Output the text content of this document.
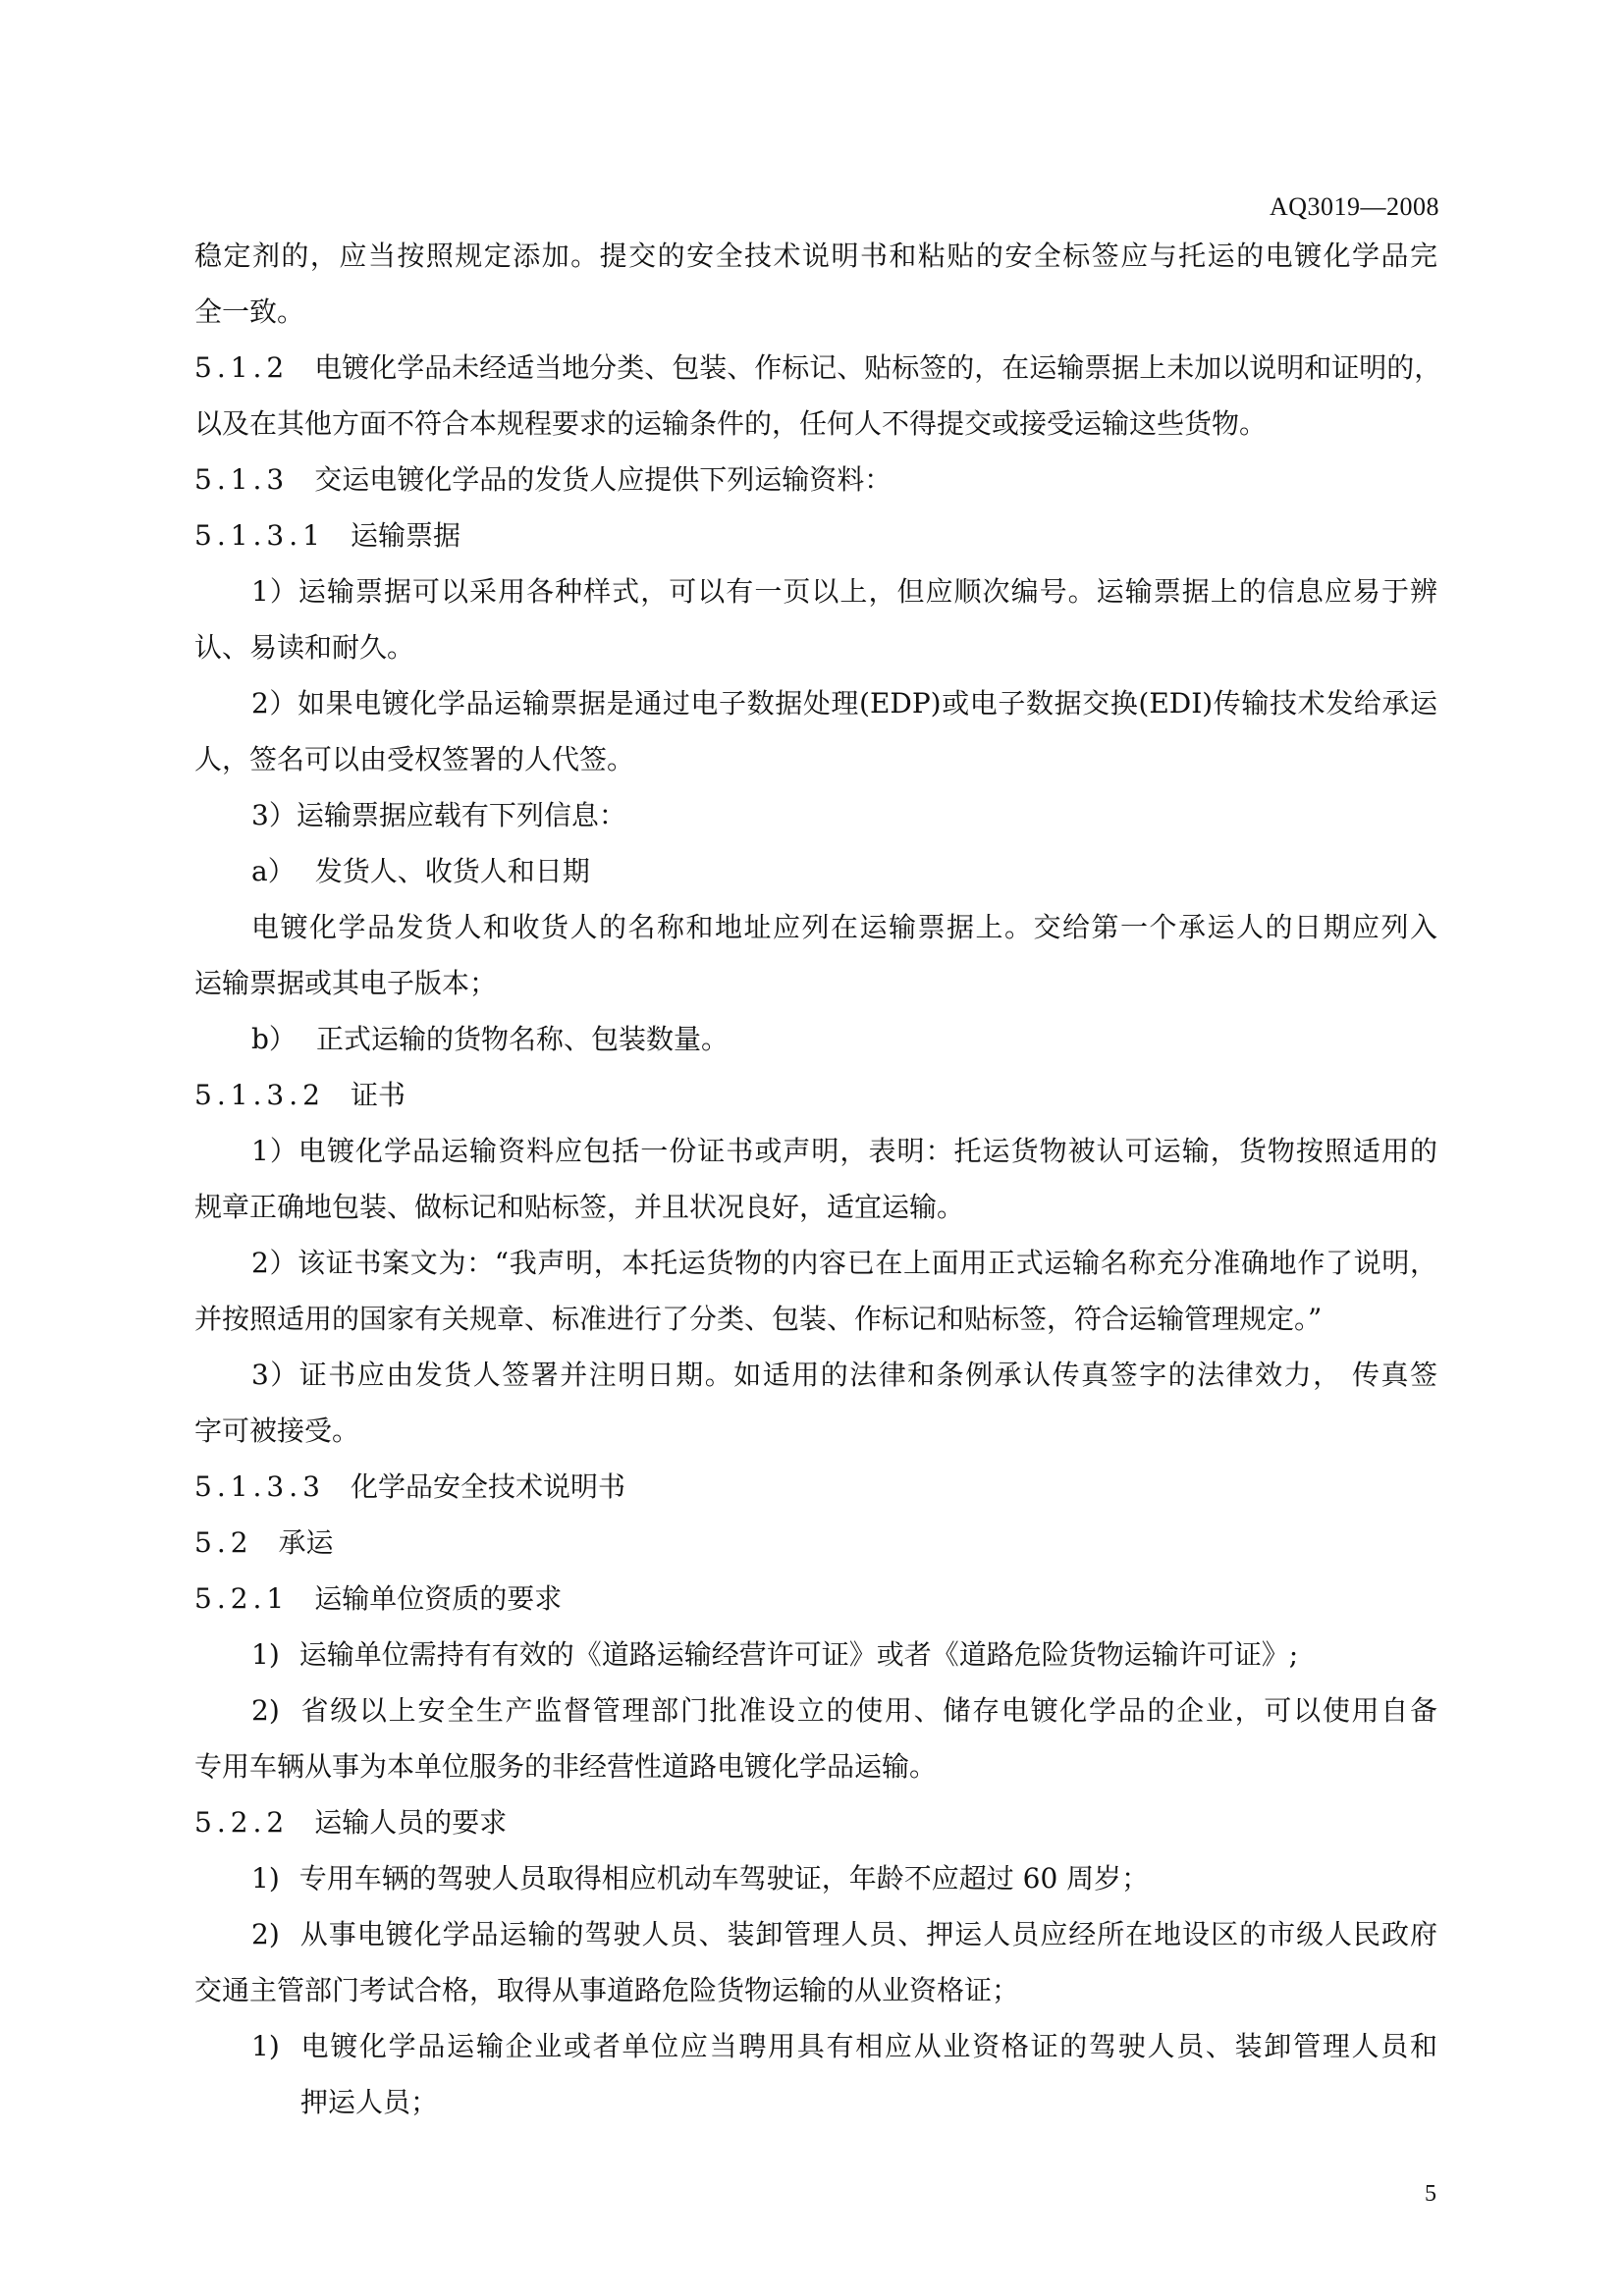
AQ3019—2008
稳定剂的，应当按照规定添加。提交的安全技术说明书和粘贴的安全标签应与托运的电镀化学品完
全一致。
5.1.2 电镀化学品未经适当地分类、包装、作标记、贴标签的，在运输票据上未加以说明和证明的，
以及在其他方面不符合本规程要求的运输条件的，任何人不得提交或接受运输这些货物。
5.1.3 交运电镀化学品的发货人应提供下列运输资料：
5.1.3.1 运输票据
1）运输票据可以采用各种样式，可以有一页以上，但应顺次编号。运输票据上的信息应易于辨
认、易读和耐久。
2）如果电镀化学品运输票据是通过电子数据处理(EDP)或电子数据交换(EDI)传输技术发给承运
人，签名可以由受权签署的人代签。
3）运输票据应载有下列信息：
a） 发货人、收货人和日期
电镀化学品发货人和收货人的名称和地址应列在运输票据上。交给第一个承运人的日期应列入
运输票据或其电子版本；
b） 正式运输的货物名称、包装数量。
5.1.3.2 证书
1）电镀化学品运输资料应包括一份证书或声明，表明：托运货物被认可运输，货物按照适用的
规章正确地包装、做标记和贴标签，并且状况良好，适宜运输。
2）该证书案文为：“我声明，本托运货物的内容已在上面用正式运输名称充分准确地作了说明，
并按照适用的国家有关规章、标准进行了分类、包装、作标记和贴标签，符合运输管理规定。”
3）证书应由发货人签署并注明日期。如适用的法律和条例承认传真签字的法律效力， 传真签
字可被接受。
5.1.3.3 化学品安全技术说明书
5.2 承运
5.2.1 运输单位资质的要求
1) 运输单位需持有有效的《道路运输经营许可证》或者《道路危险货物运输许可证》;
2) 省级以上安全生产监督管理部门批准设立的使用、储存电镀化学品的企业，可以使用自备
专用车辆从事为本单位服务的非经营性道路电镀化学品运输。
5.2.2 运输人员的要求
1) 专用车辆的驾驶人员取得相应机动车驾驶证，年龄不应超过 60 周岁；
2) 从事电镀化学品运输的驾驶人员、装卸管理人员、押运人员应经所在地设区的市级人民政府
交通主管部门考试合格，取得从事道路危险货物运输的从业资格证；
1) 电镀化学品运输企业或者单位应当聘用具有相应从业资格证的驾驶人员、装卸管理人员和
押运人员；
5
